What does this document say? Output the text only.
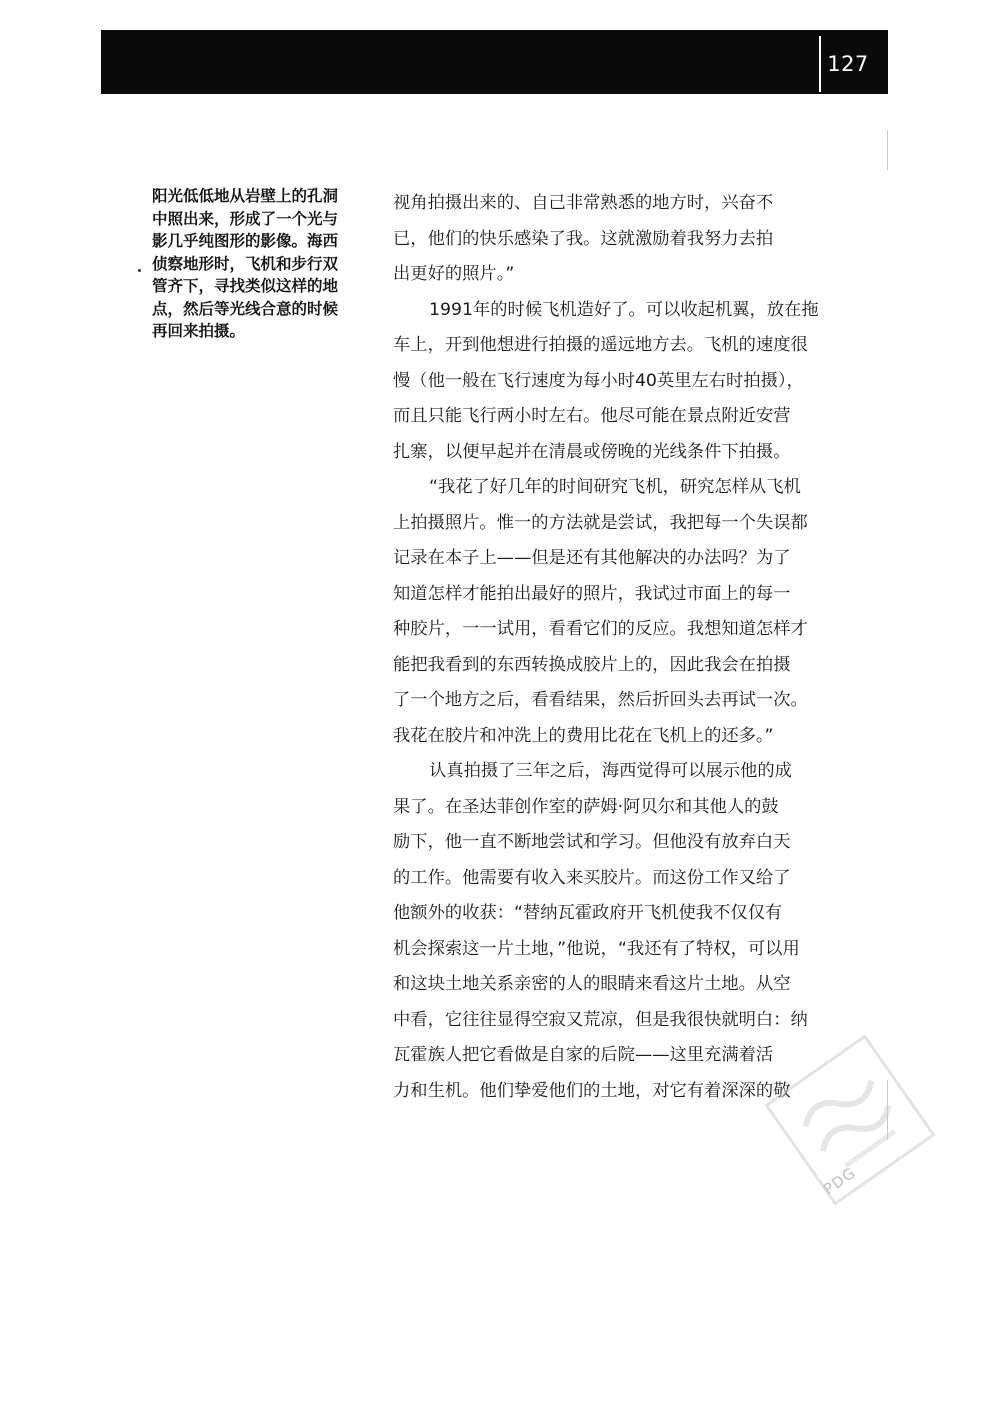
127
阳光低低地从岩壁上的孔洞
中照出来，形成了一个光与
影几乎纯图形的影像。海西
侦察地形时，飞机和步行双
管齐下，寻找类似这样的地
点，然后等光线合意的时候
再回来拍摄。
视角拍摄出来的、自己非常熟悉的地方时，兴奋不
已，他们的快乐感染了我。这就激励着我努力去拍
出更好的照片。”
1991年的时候飞机造好了。可以收起机翼，放在拖
车上，开到他想进行拍摄的遥远地方去。飞机的速度很
慢（他一般在飞行速度为每小时40英里左右时拍摄），
而且只能飞行两小时左右。他尽可能在景点附近安营
扎寨，以便早起并在清晨或傍晚的光线条件下拍摄。
“我花了好几年的时间研究飞机，研究怎样从飞机
上拍摄照片。惟一的方法就是尝试，我把每一个失误都
记录在本子上——但是还有其他解决的办法吗？为了
知道怎样才能拍出最好的照片，我试过市面上的每一
种胶片，一一试用，看看它们的反应。我想知道怎样才
能把我看到的东西转换成胶片上的，因此我会在拍摄
了一个地方之后，看看结果，然后折回头去再试一次。
我花在胶片和冲洗上的费用比花在飞机上的还多。”
认真拍摄了三年之后，海西觉得可以展示他的成
果了。在圣达菲创作室的萨姆·阿贝尔和其他人的鼓
励下，他一直不断地尝试和学习。但他没有放弃白天
的工作。他需要有收入来买胶片。而这份工作又给了
他额外的收获：“替纳瓦霍政府开飞机使我不仅仅有
机会探索这一片土地，”他说，“我还有了特权，可以用
和这块土地关系亲密的人的眼睛来看这片土地。从空
中看，它往往显得空寂又荒凉，但是我很快就明白：纳
瓦霍族人把它看做是自家的后院——这里充满着活
力和生机。他们挚爱他们的土地，对它有着深深的敬
PDG
